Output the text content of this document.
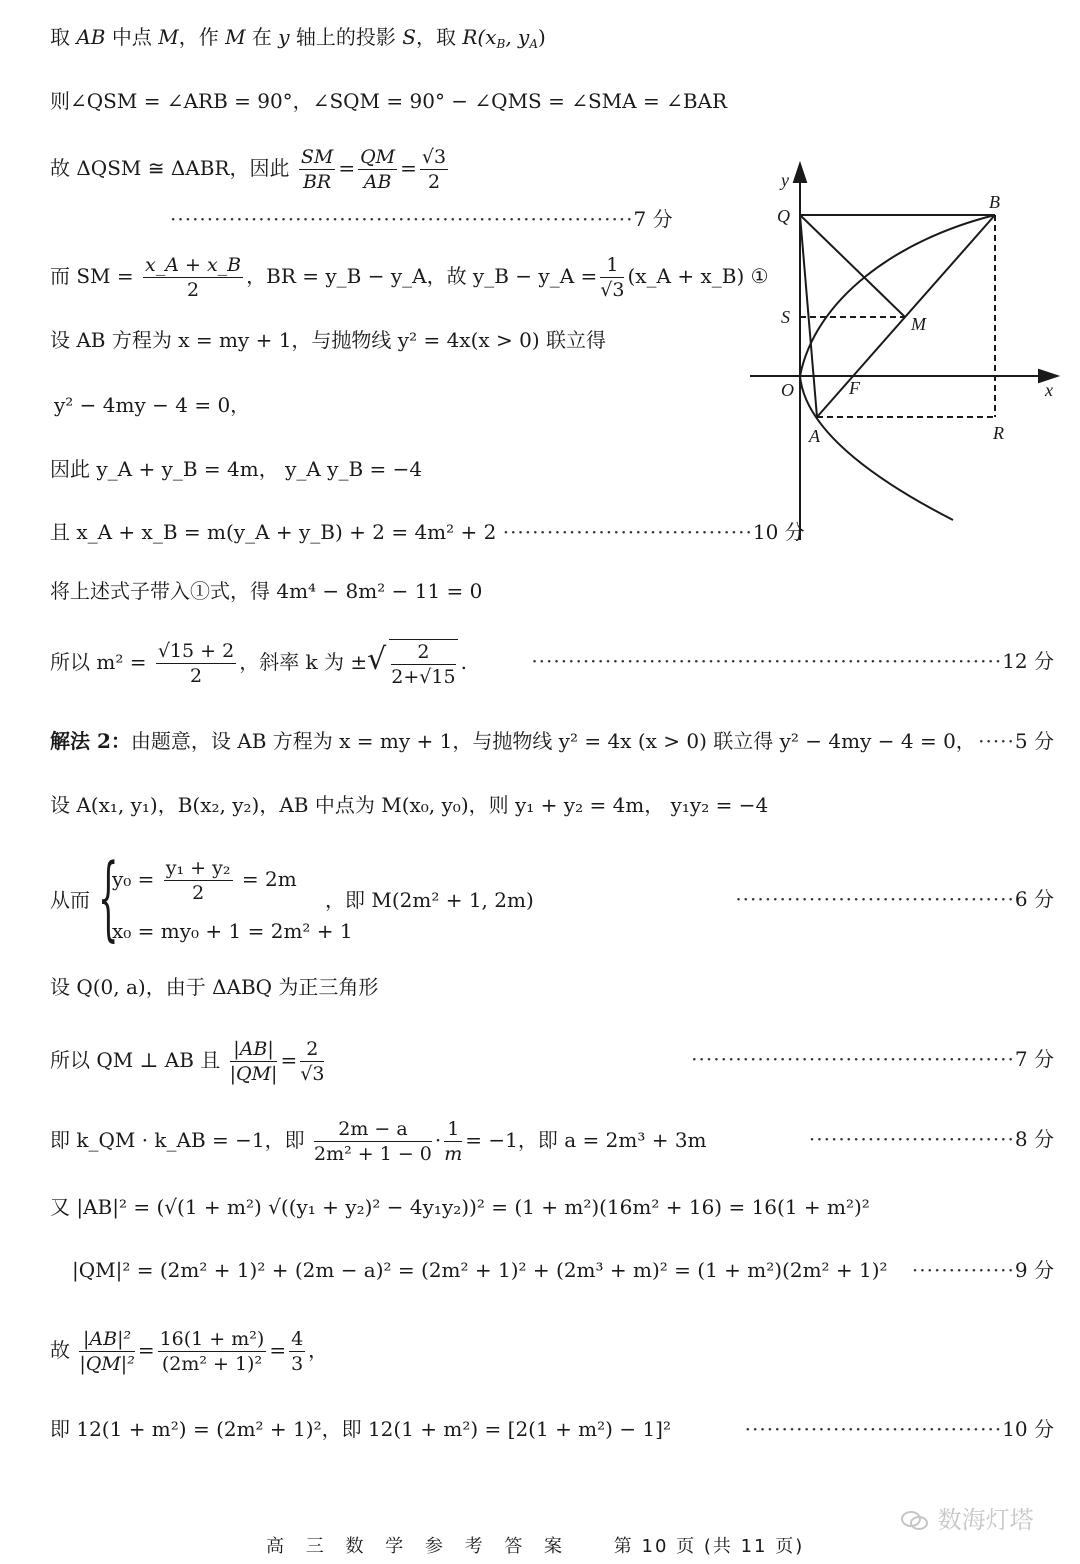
取 AB 中点 M，作 M 在 y 轴上的投影 S，取 $R(x_B$, $y_A$)
则∠QSM = ∠ARB = 90°，∠SQM = 90° − ∠QMS = ∠SMA = ∠BAR
故 ΔQSM ≅ ΔABR，因此 $\frac{SM}{BR} = \frac{QM}{AB} = \frac{√3}{2}$
·······························································7 分
而 SM = $\frac{x\_A + x\_B}{2}$ ，BR = y_B − y_A，故 y_B − y_A = $\frac{1}{√3}$ (x_A + x_B) ①
设 AB 方程为 x = my + 1，与抛物线 y² = 4x(x > 0) 联立得
y² − 4my − 4 = 0，
因此 y_A + y_B = 4m， y_A y_B = −4
且 x_A + x_B = m(y_A + y_B) + 2 = 4m² + 2 ··································10 分
将上述式子带入①式，得 4m⁴ − 8m² − 11 = 0
所以 $m^2 = \frac{√15 + 2}{2}$ ，斜率 k 为 ±√ $\frac{2}{2+√15}$ .	································································12 分
解法 2：由题意，设 AB 方程为 x = my + 1，与抛物线 y² = 4x (x > 0) 联立得 y² − 4my − 4 = 0， ·····5 分
设 A(x₁, y₁)，B(x₂, y₂)，AB 中点为 M(x₀, y₀)，则 y₁ + y₂ = 4m， y₁y₂ = −4
从而 {
$y_0 = \frac{\text{y₁ + y₂}}{2} = 2m$
x₀ = my₀ + 1 = 2m² + 1
，即 M(2m² + 1, 2m)	······································6 分
设 Q(0, a)，由于 ΔABQ 为正三角形
所以 QM ⊥ AB 且 $\frac{|AB|}{|QM|} = \frac{2}{√3}$	············································7 分
即 k_QM · k_AB = −1，即 $\frac{2m - a}{\text{2m² + 1 − 0}} \cdot \frac{1}{m} = -1$，即 a = 2m³ + 3m	····························8 分
又 |AB|² = (√(1 + m²) √((y₁ + y₂)² − 4y₁y₂))² = (1 + m²)(16m² + 16) = 16(1 + m²)²
|QM|² = (2m² + 1)² + (2m − a)² = (2m² + 1)² + (2m³ + m)² = (1 + m²)(2m² + 1)² ··············9 分
故 $\frac{\text{|AB|²}}{\text{|QM|²}} = \frac{\text{16(1 + m²)}}{\text{(2m² + 1)²}} = \frac{4}{3}$ ，
即 12(1 + m²) = (2m² + 1)²，即 12(1 + m²) = [2(1 + m²) − 1]²	···································10 分
y
x
Q
B
S	M
O	F
A	R
数海灯塔
高 三 数 学 参 考 答 案 第 10 页 (共 11 页)
